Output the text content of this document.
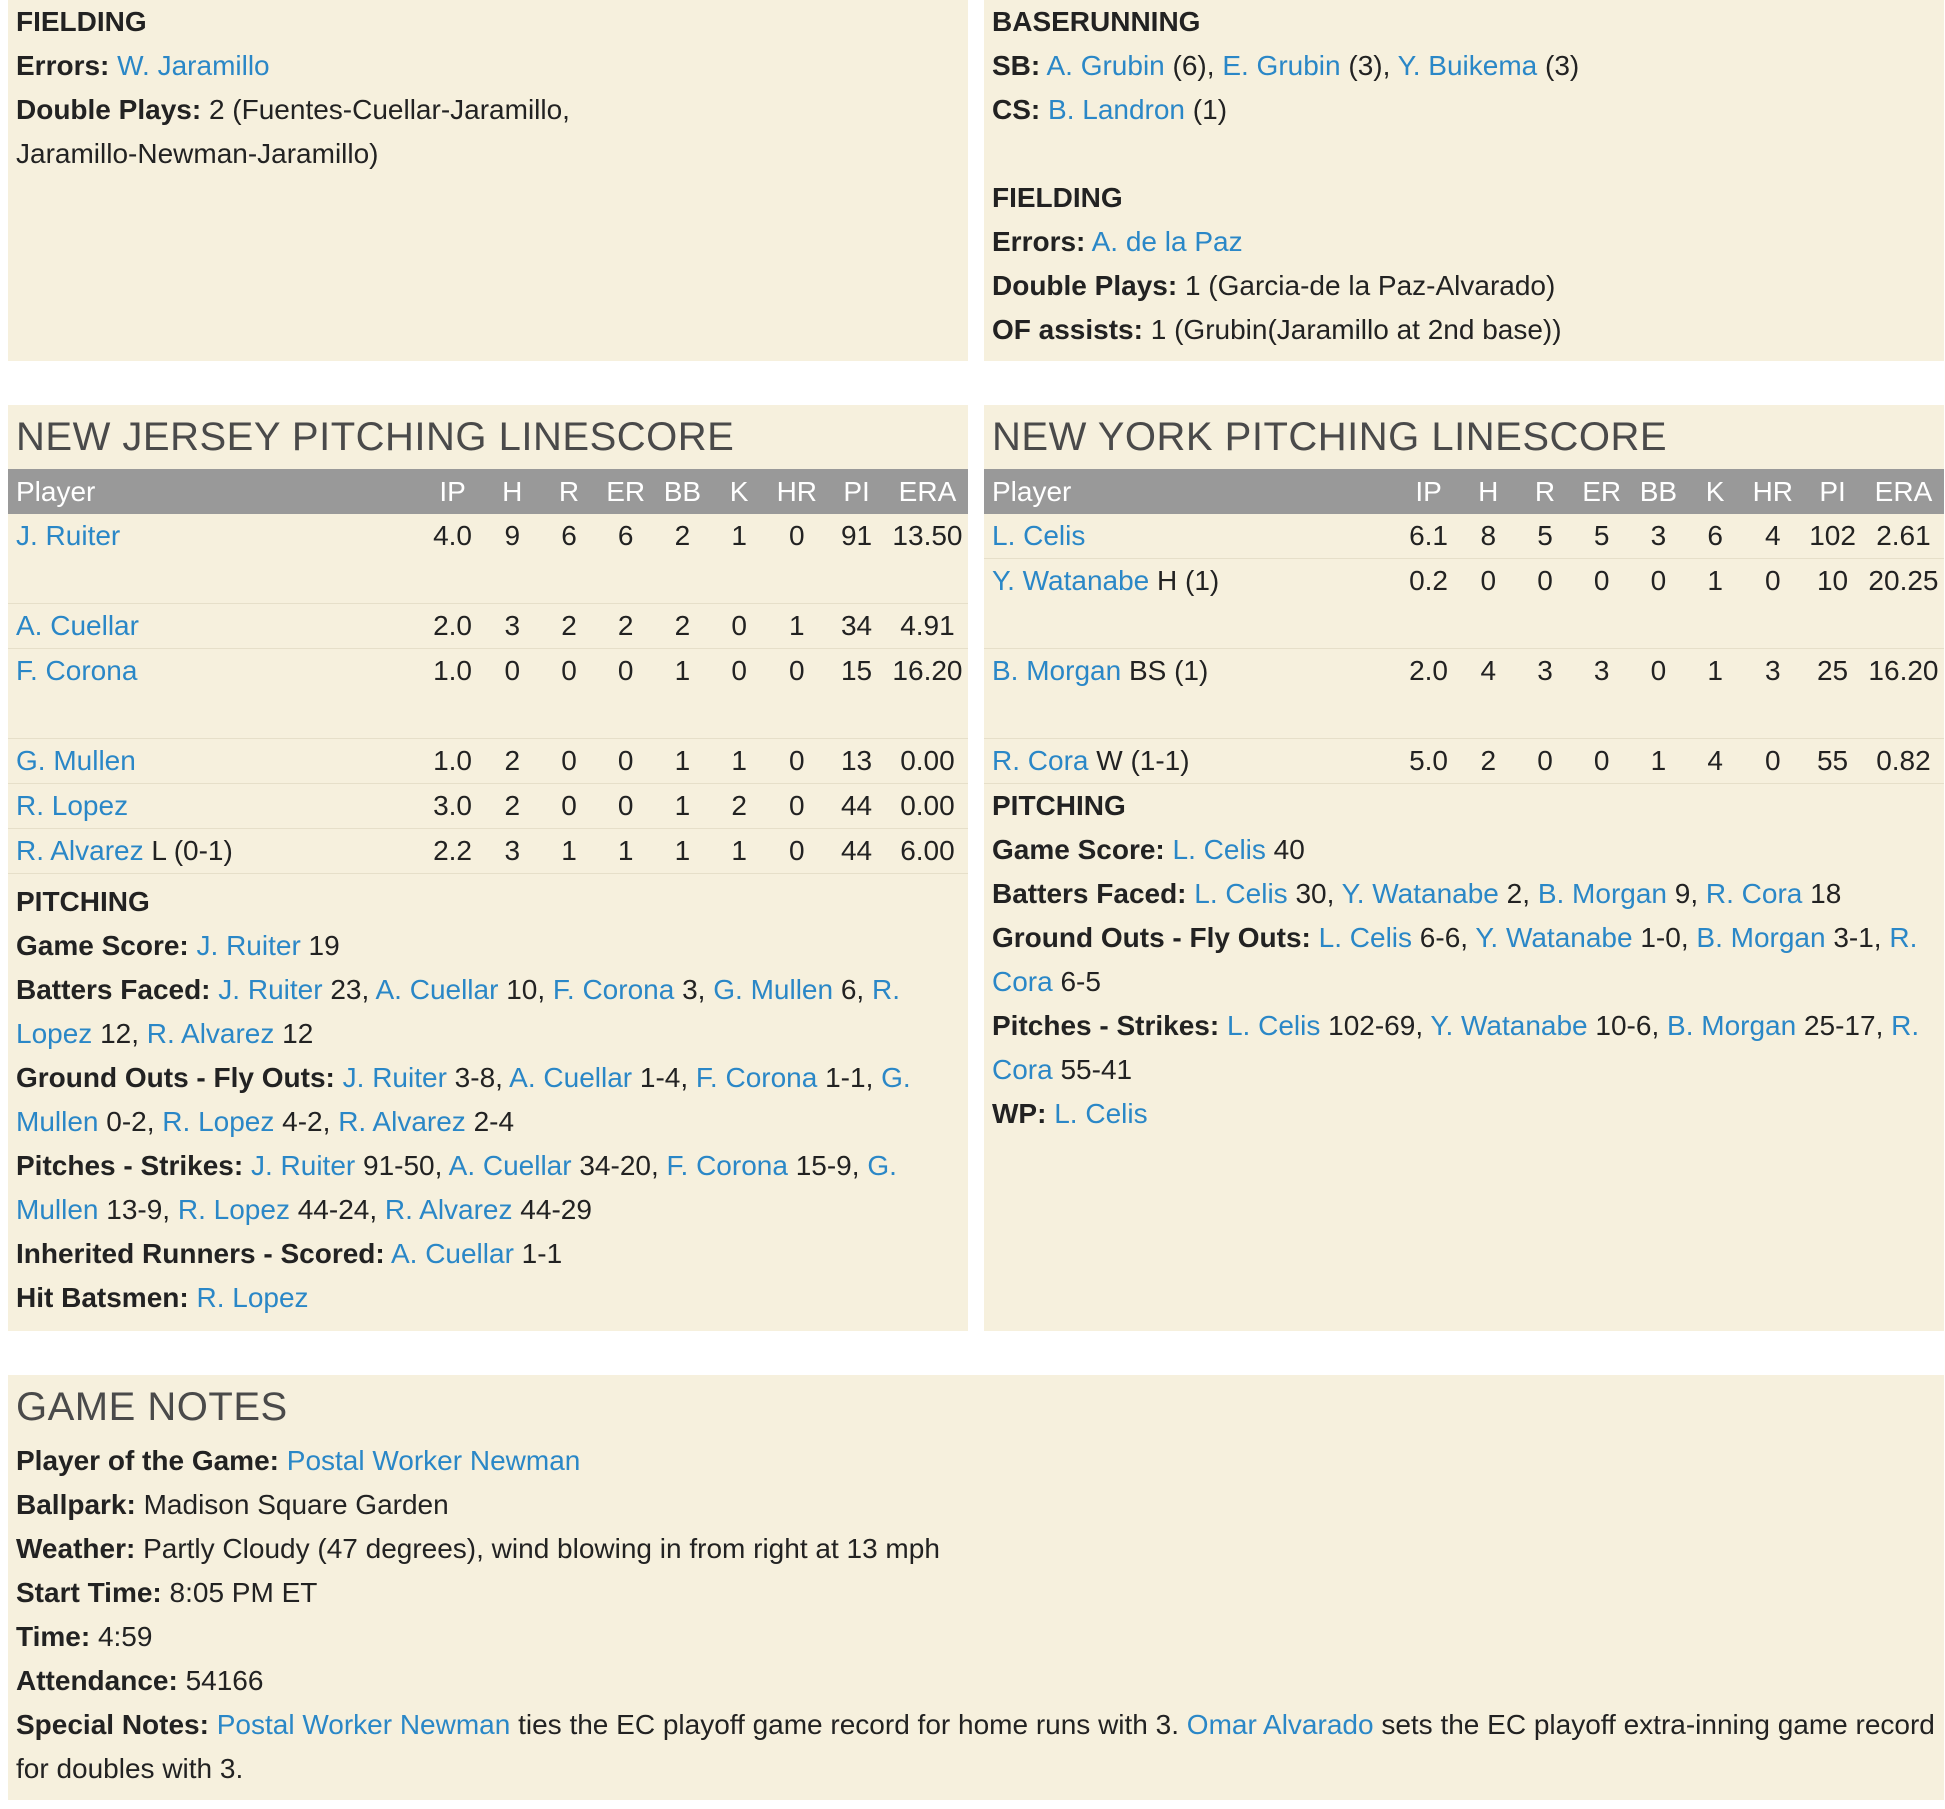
FIELDING
Errors: W. Jaramillo
Double Plays: 2 (Fuentes-Cuellar-Jaramillo,
Jaramillo-Newman-Jaramillo)
BASERUNNING
SB: A. Grubin (6), E. Grubin (3), Y. Buikema (3)
CS: B. Landron (1)
FIELDING
Errors: A. de la Paz
Double Plays: 1 (Garcia-de la Paz-Alvarado)
OF assists: 1 (Grubin(Jaramillo at 2nd base))
NEW JERSEY PITCHING LINESCORE
Player	IP	H	R	ER	BB	K	HR	PI	ERA
J. Ruiter	4.0	9	6	6	2	1	0	91	13.50
A. Cuellar	2.0	3	2	2	2	0	1	34	4.91
F. Corona	1.0	0	0	0	1	0	0	15	16.20
G. Mullen	1.0	2	0	0	1	1	0	13	0.00
R. Lopez	3.0	2	0	0	1	2	0	44	0.00
R. Alvarez L (0-1)	2.2	3	1	1	1	1	0	44	6.00
PITCHING
Game Score: J. Ruiter 19
Batters Faced: J. Ruiter 23, A. Cuellar 10, F. Corona 3, G. Mullen 6, R. Lopez 12, R. Alvarez 12
Ground Outs - Fly Outs: J. Ruiter 3-8, A. Cuellar 1-4, F. Corona 1-1, G. Mullen 0-2, R. Lopez 4-2, R. Alvarez 2-4
Pitches - Strikes: J. Ruiter 91-50, A. Cuellar 34-20, F. Corona 15-9, G. Mullen 13-9, R. Lopez 44-24, R. Alvarez 44-29
Inherited Runners - Scored: A. Cuellar 1-1
Hit Batsmen: R. Lopez
NEW YORK PITCHING LINESCORE
Player	IP	H	R	ER	BB	K	HR	PI	ERA
L. Celis	6.1	8	5	5	3	6	4	102	2.61
Y. Watanabe H (1)	0.2	0	0	0	0	1	0	10	20.25
B. Morgan BS (1)	2.0	4	3	3	0	1	3	25	16.20
R. Cora W (1-1)	5.0	2	0	0	1	4	0	55	0.82
PITCHING
Game Score: L. Celis 40
Batters Faced: L. Celis 30, Y. Watanabe 2, B. Morgan 9, R. Cora 18
Ground Outs - Fly Outs: L. Celis 6-6, Y. Watanabe 1-0, B. Morgan 3-1, R. Cora 6-5
Pitches - Strikes: L. Celis 102-69, Y. Watanabe 10-6, B. Morgan 25-17, R. Cora 55-41
WP: L. Celis
GAME NOTES
Player of the Game: Postal Worker Newman
Ballpark: Madison Square Garden
Weather: Partly Cloudy (47 degrees), wind blowing in from right at 13 mph
Start Time: 8:05 PM ET
Time: 4:59
Attendance: 54166
Special Notes: Postal Worker Newman ties the EC playoff game record for home runs with 3. Omar Alvarado sets the EC playoff extra-inning game record for doubles with 3.
